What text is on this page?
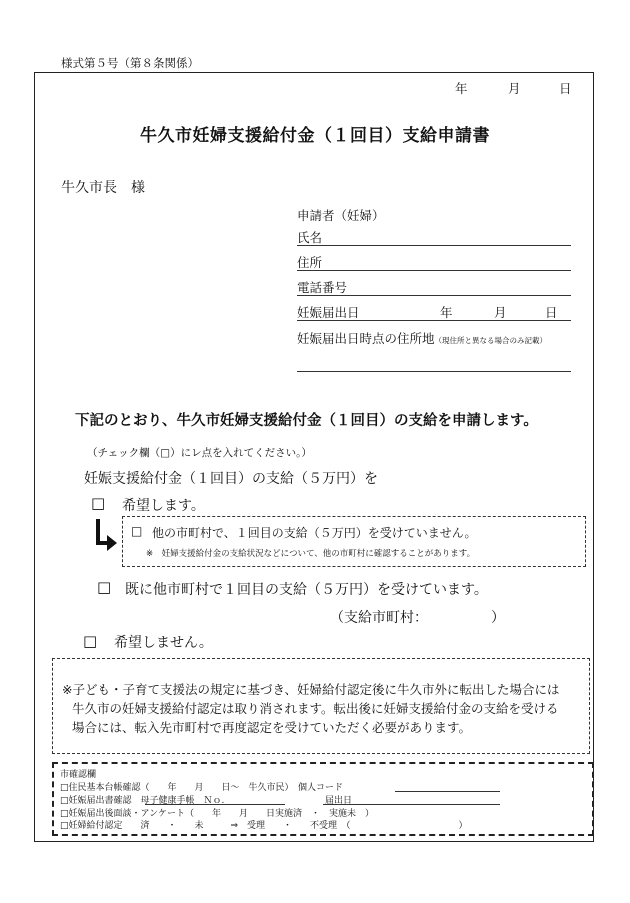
様式第５号（第８条関係）
年	月	日
牛久市妊婦支援給付金（１回目）支給申請書
牛久市長　様
申請者（妊婦）
氏名
住所
電話番号
妊娠届出日	年	月	日
妊娠届出日時点の住所地（現住所と異なる場合のみ記載）
下記のとおり、牛久市妊婦支援給付金（１回目）の支給を申請します。
（チェック欄（□）にレ点を入れてください。）
妊娠支援給付金（１回目）の支給（５万円）を
□ 希望します。
□ 他の市町村で、１回目の支給（５万円）を受けていません。
※　妊婦支援給付金の支給状況などについて、他の市町村に確認することがあります。
□ 既に他市町村で１回目の支給（５万円）を受けています。
（支給市町村：　　　　　）
□ 希望しません。
※子ども・子育て支援法の規定に基づき、妊婦給付認定後に牛久市外に転出した場合には
牛久市の妊婦支援給付認定は取り消されます。転出後に妊婦支援給付金の支給を受ける
場合には、転入先市町村で再度認定を受けていただく必要があります。
市確認欄
□住民基本台帳確認（　　年　　月　　日～　牛久市民）　個人コード
□妊娠届出書確認　母子健康手帳　Ｎｏ.	届出日
□妊娠届出後面談・アンケート（　　年　　月　　日実施済　・　実施未　）
□妊婦給付認定　　済　　・　　未　　　⇒　受理　　・　　不受理　（　　　　　　　　　　　　）
